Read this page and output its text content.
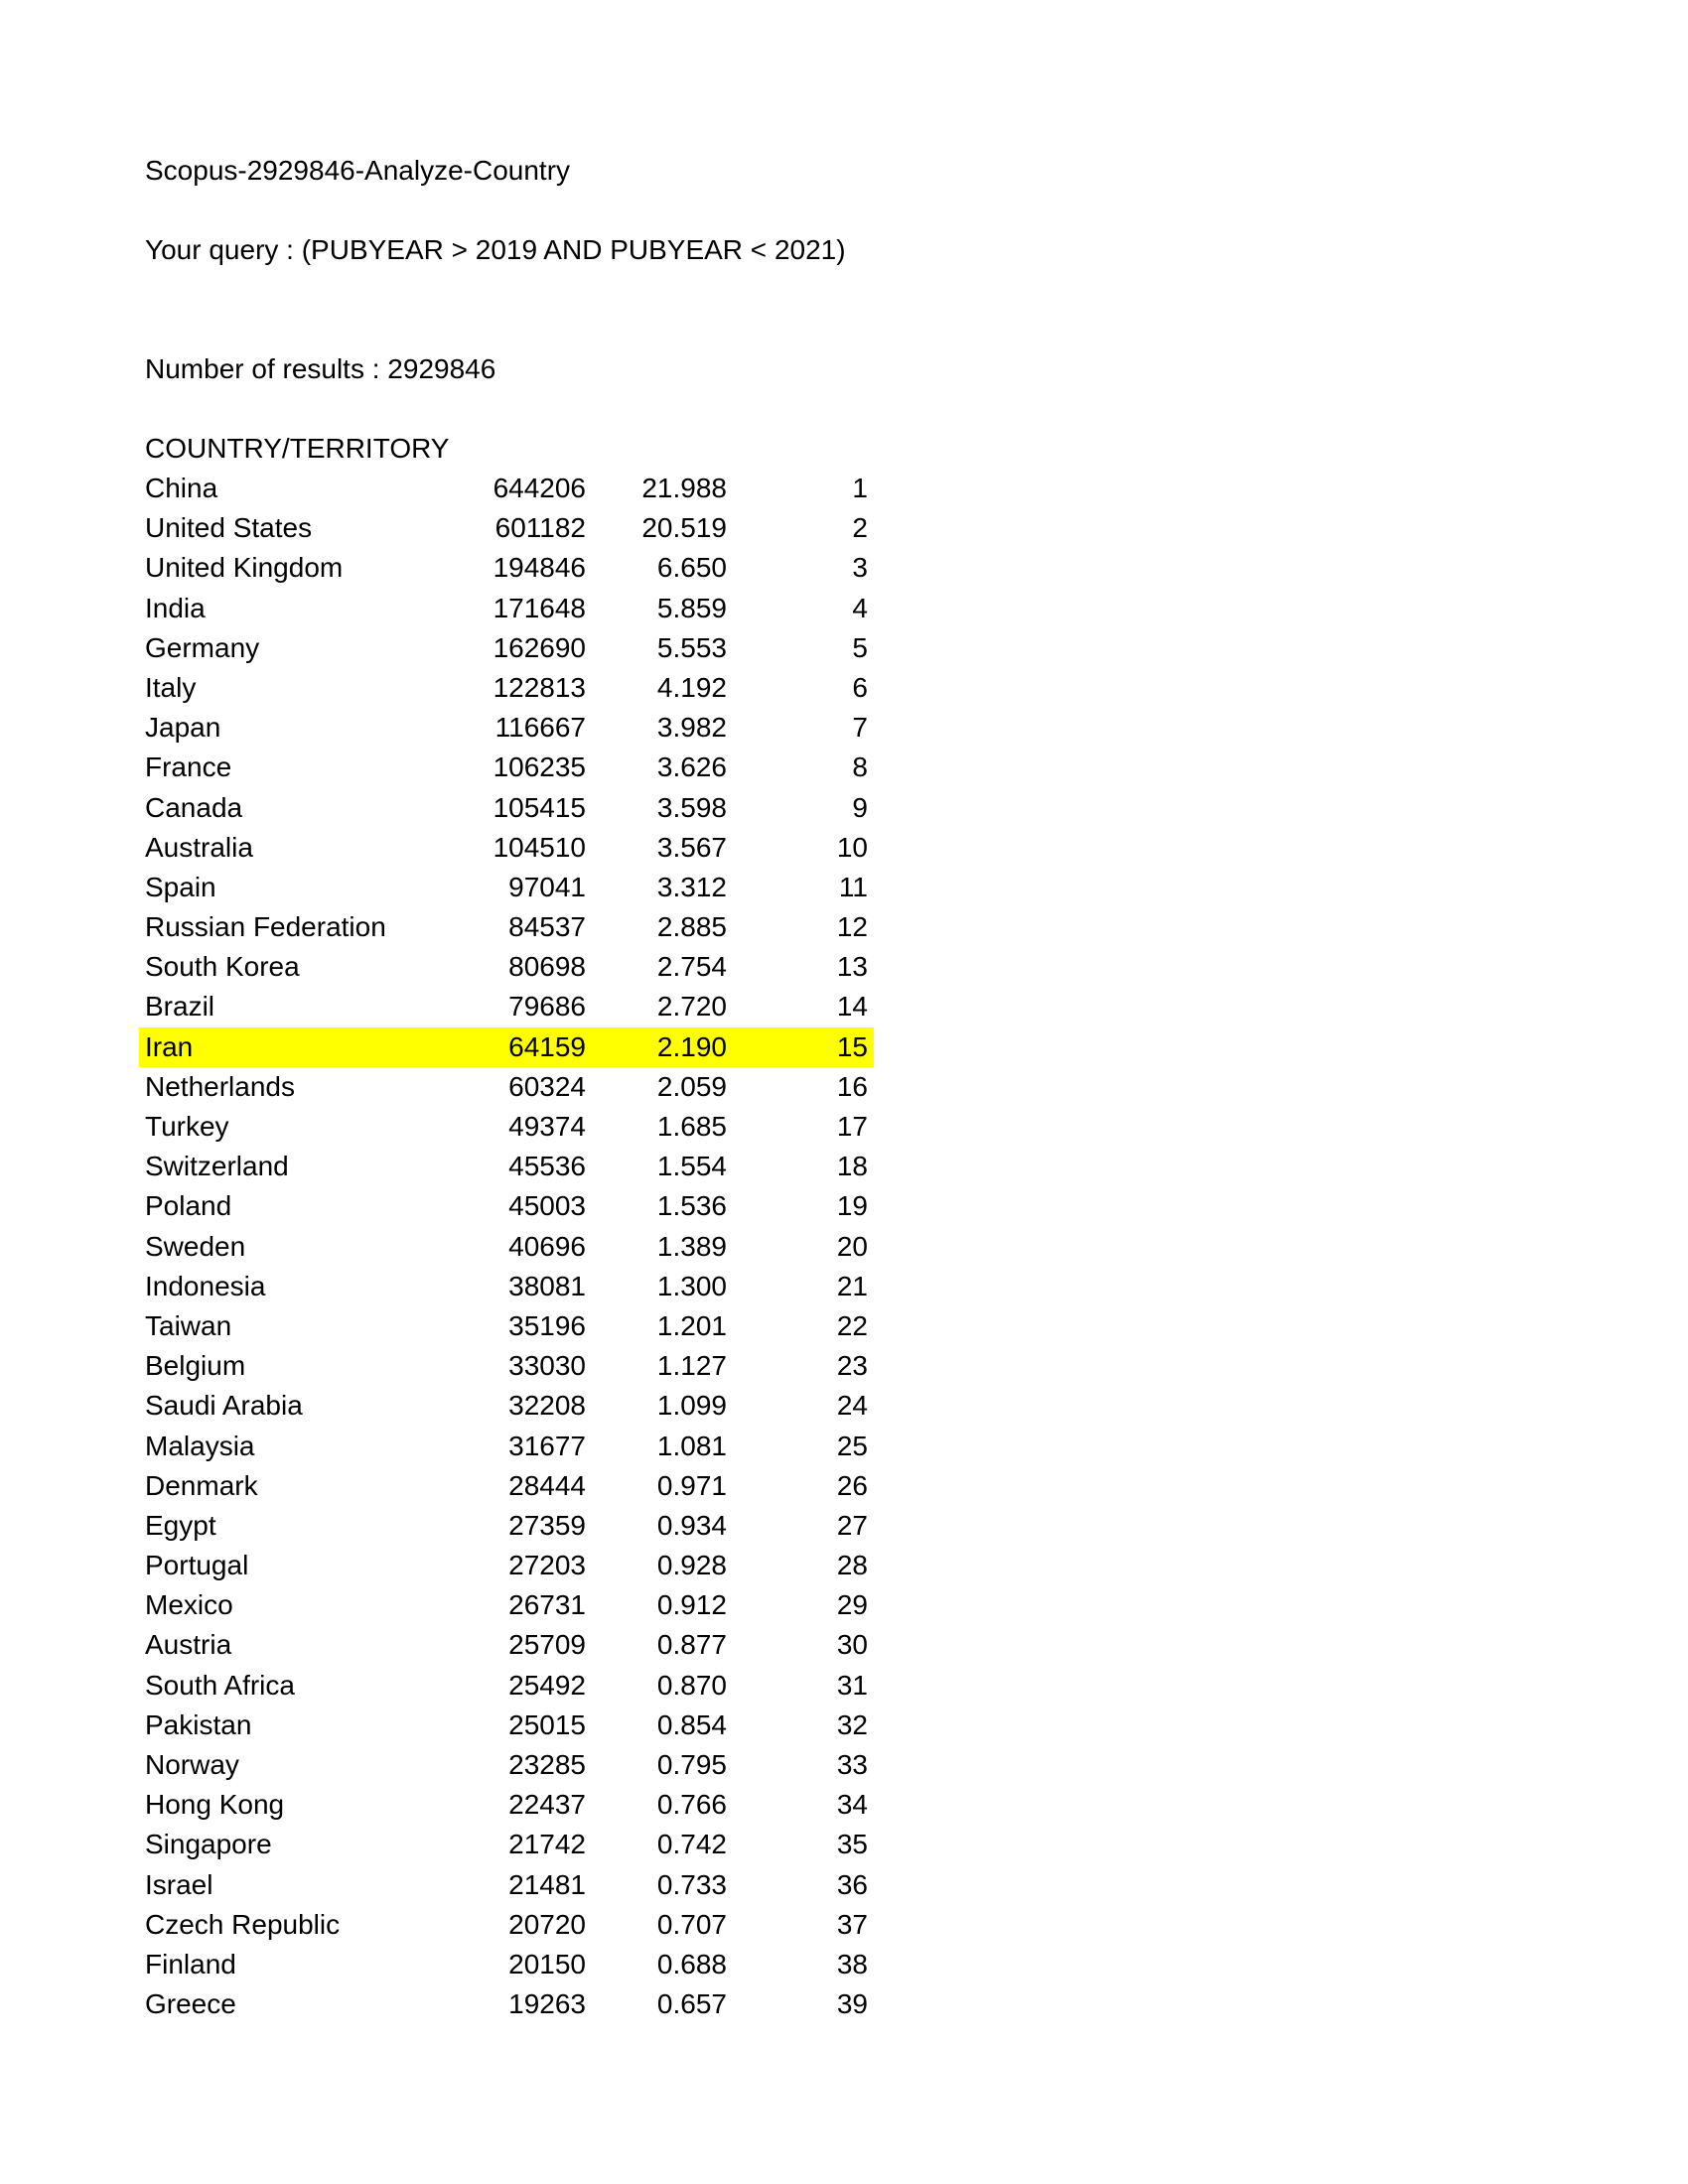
Scopus-2929846-Analyze-Country
Your query : (PUBYEAR > 2019 AND PUBYEAR < 2021)
Number of results : 2929846
COUNTRY/TERRITORY
China	644206 21.988	1
United States	601182 20.519	2
United Kingdom	194846	6.650	3
India	171648	5.859	4
Germany	162690	5.553	5
Italy	122813	4.192	6
Japan	116667	3.982	7
France	106235	3.626	8
Canada	105415	3.598	9
Australia	104510	3.567	10
Spain	97041	3.312	11
Russian Federation	84537	2.885	12
South Korea	80698	2.754	13
Brazil	79686	2.720	14
Iran	64159	2.190	15
Netherlands	60324	2.059	16
Turkey	49374	1.685	17
Switzerland	45536	1.554	18
Poland	45003	1.536	19
Sweden	40696	1.389	20
Indonesia	38081	1.300	21
Taiwan	35196	1.201	22
Belgium	33030	1.127	23
Saudi Arabia	32208	1.099	24
Malaysia	31677	1.081	25
Denmark	28444	0.971	26
Egypt	27359	0.934	27
Portugal	27203	0.928	28
Mexico	26731	0.912	29
Austria	25709	0.877	30
South Africa	25492	0.870	31
Pakistan	25015	0.854	32
Norway	23285	0.795	33
Hong Kong	22437	0.766	34
Singapore	21742	0.742	35
Israel	21481	0.733	36
Czech Republic	20720	0.707	37
Finland	20150	0.688	38
Greece	19263	0.657	39
